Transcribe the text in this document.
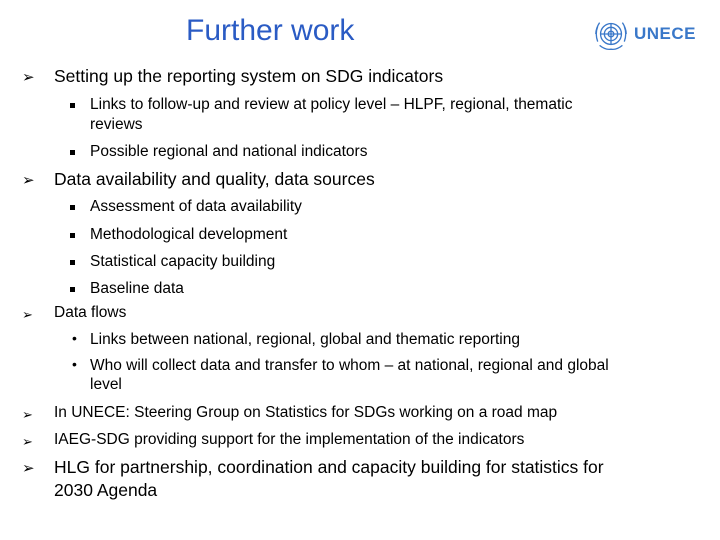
Further work	UNECE
➢ Setting up the reporting system on SDG indicators
Links to follow-up and review at policy level – HLPF, regional, thematic
reviews
Possible regional and national indicators
➢ Data availability and quality, data sources
Assessment of data availability
Methodological development
Statistical capacity building
Baseline data
➢ Data flows
• Links between national, regional, global and thematic reporting
• Who will collect data and transfer to whom – at national, regional and global
level
➢ In UNECE: Steering Group on Statistics for SDGs working on a road map
➢ IAEG-SDG providing support for the implementation of the indicators
➢ HLG for partnership, coordination and capacity building for statistics for
2030 Agenda
